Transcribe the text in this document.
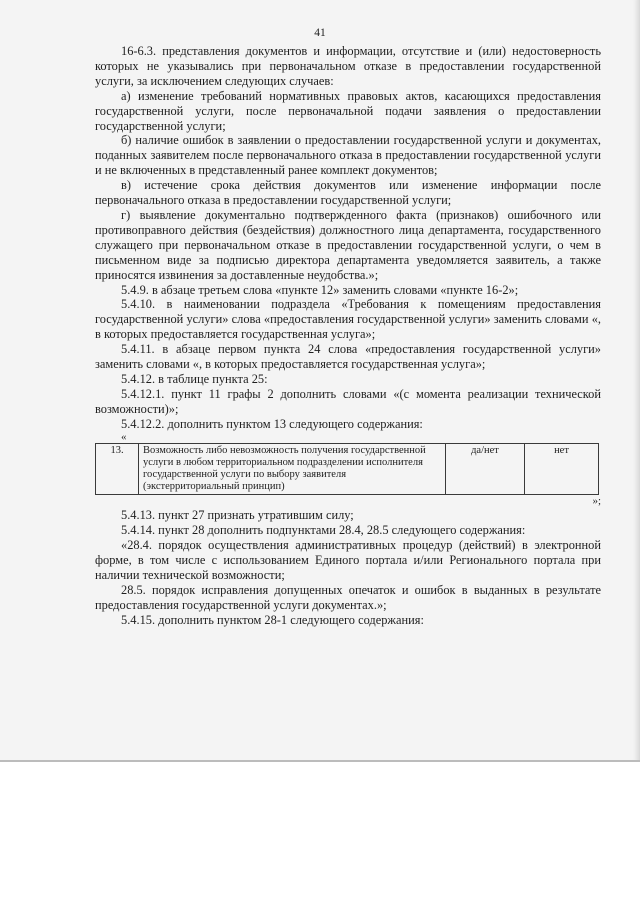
41

16-6.3. представления документов и информации, отсутствие и (или) недостоверность которых не указывались при первоначальном отказе в предоставлении государственной услуги, за исключением следующих случаев:

а) изменение требований нормативных правовых актов, касающихся предоставления государственной услуги, после первоначальной подачи заявления о предоставлении государственной услуги;

б) наличие ошибок в заявлении о предоставлении государственной услуги и документах, поданных заявителем после первоначального отказа в предоставлении государственной услуги и не включенных в представленный ранее комплект документов;

в) истечение срока действия документов или изменение информации после первоначального отказа в предоставлении государственной услуги;

г) выявление документально подтвержденного факта (признаков) ошибочного или противоправного действия (бездействия) должностного лица департамента, государственного служащего при первоначальном отказе в предоставлении государственной услуги, о чем в письменном виде за подписью директора департамента уведомляется заявитель, а также приносятся извинения за доставленные неудобства.»;

5.4.9. в абзаце третьем слова «пункте 12» заменить словами «пункте 16-2»;

5.4.10. в наименовании подраздела «Требования к помещениям предоставления государственной услуги» слова «предоставления государственной услуги» заменить словами «, в которых предоставляется государственная услуга»;

5.4.11. в абзаце первом пункта 24 слова «предоставления государственной услуги» заменить словами «, в которых предоставляется государственная услуга»;

5.4.12. в таблице пункта 25:

5.4.12.1. пункт 11 графы 2 дополнить словами «(с момента реализации технической возможности)»;

5.4.12.2. дополнить пунктом 13 следующего содержания:

«

13.	Возможность либо невозможность получения государственной услуги в любом территориальном подразделении исполнителя государственной услуги по выбору заявителя (экстерриториальный принцип)	да/нет	нет

»;

5.4.13. пункт 27 признать утратившим силу;

5.4.14. пункт 28 дополнить подпунктами 28.4, 28.5 следующего содержания:

«28.4. порядок осуществления административных процедур (действий) в электронной форме, в том числе с использованием Единого портала и/или Регионального портала при наличии технической возможности;

28.5. порядок исправления допущенных опечаток и ошибок в выданных в результате предоставления государственной услуги документах.»;

5.4.15. дополнить пунктом 28-1 следующего содержания:
